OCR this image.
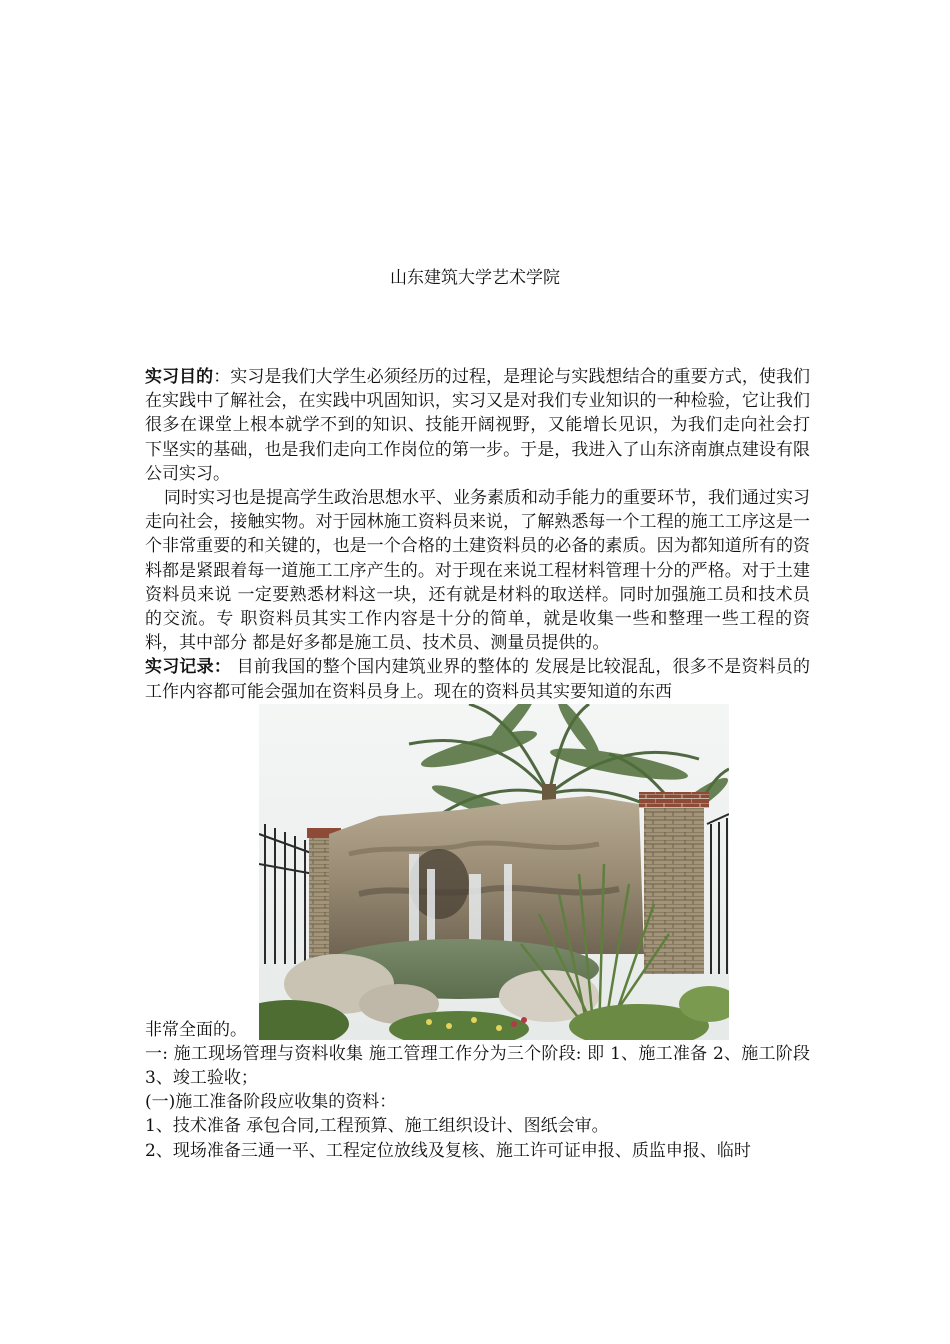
山东建筑大学艺术学院

实习目的：实习是我们大学生必须经历的过程，是理论与实践想结合的重要方式，使我们在实践中了解社会，在实践中巩固知识，实习又是对我们专业知识的一种检验，它让我们很多在课堂上根本就学不到的知识、技能开阔视野，又能增长见识，为我们走向社会打 下坚实的基础，也是我们走向工作岗位的第一步。于是，我进入了山东济南旗点建设有限公司实习。

同时实习也是提高学生政治思想水平、业务素质和动手能力的重要环节，我们通过实习走向社会，接触实物。对于园林施工资料员来说，了解熟悉每一个工程的施工工序这是一个非常重要的和关键的，也是一个合格的土建资料员的必备的素质。因为都知道所有的资料都是紧跟着每一道施工工序产生的。对于现在来说工程材料管理十分的严格。对于土建资料员来说 一定要熟悉材料这一块，还有就是材料的取送样。同时加强施工员和技术员的交流。专 职资料员其实工作内容是十分的简单，就是收集一些和整理一些工程的资料，其中部分 都是好多都是施工员、技术员、测量员提供的。

实习记录： 目前我国的整个国内建筑业界的整体的 发展是比较混乱，很多不是资料员的工作内容都可能会强加在资料员身上。现在的资料员其实要知道的东西

非常全面的。

一: 施工现场管理与资料收集 施工管理工作分为三个阶段: 即 1、施工准备 2、施工阶段 3、竣工验收；

(一)施工准备阶段应收集的资料：

1、技术准备 承包合同,工程预算、施工组织设计、图纸会审。

2、现场准备三通一平、工程定位放线及复核、施工许可证申报、质监申报、临时
